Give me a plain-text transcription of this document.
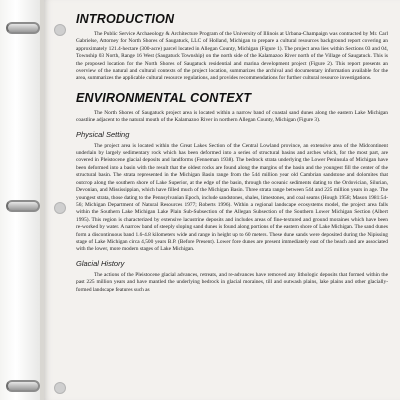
INTRODUCTION

The Public Service Archaeology & Architecture Program of the University of Illinois at Urbana-Champaign was contracted by Mr. Carl Gabrielse, Attorney for North Shores of Saugatuck, LLC of Holland, Michigan to prepare a cultural resources background report covering an approximately 121.4-hectare (300-acre) parcel located in Allegan County, Michigan (Figure 1). The project area lies within Sections 03 and 04, Township 03 North, Range 16 West (Saugatuck Township) on the north side of the Kalamazoo River north of the Village of Saugatuck. This is the proposed location for the North Shores of Saugatuck residential and marina development project (Figure 2). This report presents an overview of the natural and cultural contexts of the project location, summarizes the archival and documentary information available for the area, summarizes the applicable cultural resource regulations, and provides recommendations for further cultural resource investigations.

ENVIRONMENTAL CONTEXT

The North Shores of Saugatuck project area is located within a narrow band of coastal sand dunes along the eastern Lake Michigan coastline adjacent to the natural mouth of the Kalamazoo River in northern Allegan County, Michigan (Figure 3).

Physical Setting

The project area is located within the Great Lakes Section of the Central Lowland province, an extensive area of the Midcontinent underlain by largely sedimentary rock which has been deformed into a series of structural basins and arches which, for the most part, are covered in Pleistocene glacial deposits and landforms (Fenneman 1938). The bedrock strata underlying the Lower Peninsula of Michigan have been deformed into a basin with the result that the oldest rocks are found along the margins of the basin and the youngest fill the center of the structural basin. The strata represented in the Michigan Basin range from the 544 million year old Cambrian sandstone and dolomites that outcrop along the southern shore of Lake Superior, at the edge of the basin, through the oceanic sediments dating to the Ordovician, Silurian, Devonian, and Mississippian, which have filled much of the Michigan Basin. Three strata range between 544 and 225 million years in age. The youngest strata, those dating to the Pennsylvanian Epoch, include sandstones, shales, limestones, and coal seams (Hough 1958; Mason 1981:54-56; Michigan Department of Natural Resources 1977; Roberts 1996). Within a regional landscape ecosystems model, the project area falls within the Southern Lake Michigan Lake Plain Sub-Subsection of the Allegan Subsection of the Southern Lower Michigan Section (Albert 1995). This region is characterized by extensive lacustrine deposits and includes areas of fine-textured and ground moraines which have been re-worked by water. A narrow band of steeply sloping sand dunes is found along portions of the eastern shore of Lake Michigan. The sand dunes form a discontinuous band 1.6-4.8 kilometers wide and range in height up to 60 meters. These dune sands were deposited during the Nipissing stage of Lake Michigan circa 4,500 years B.P. (Before Present). Lower fore dunes are present immediately east of the beach and are associated with the lower, more modern stages of Lake Michigan.

Glacial History

The actions of the Pleistocene glacial advances, retreats, and re-advances have removed any lithologic deposits that formed within the past 225 million years and have mantled the underlying bedrock in glacial moraines, till and outwash plains, lake plains and other glacially-formed landscape features such as
